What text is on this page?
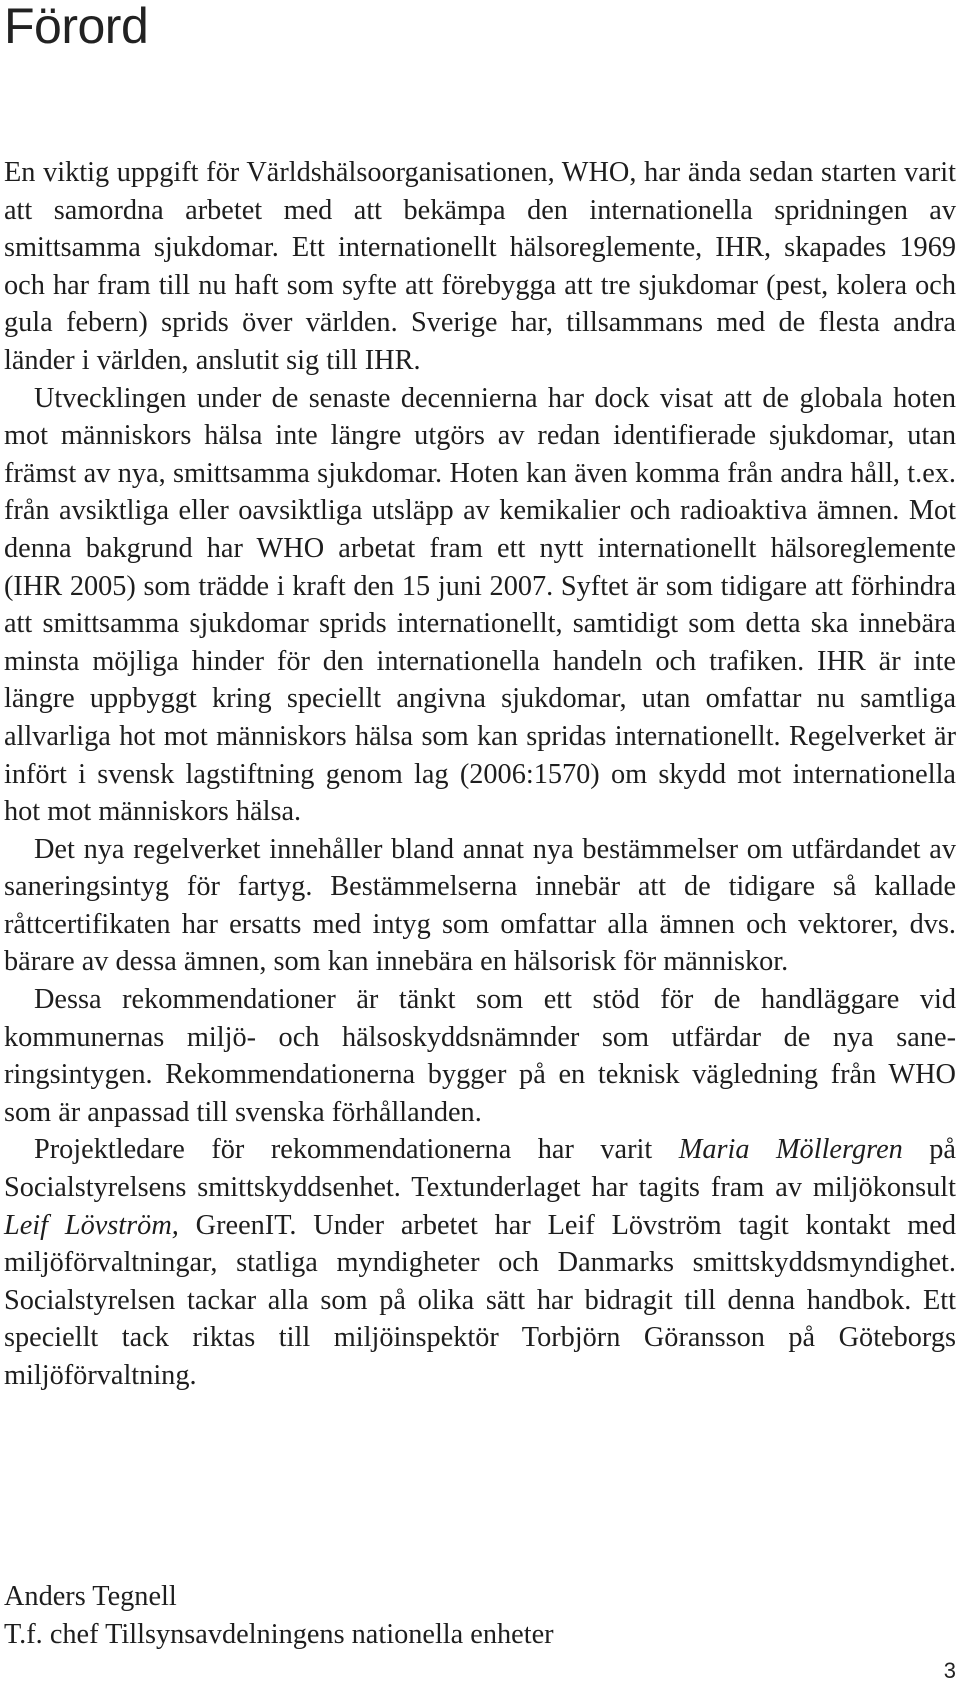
Förord

En viktig uppgift för Världshälsoorganisationen, WHO, har ända sedan starten varit att samordna arbetet med att bekämpa den internationella spridningen av smittsamma sjukdomar. Ett internationellt hälsoreglemente, IHR, skapades 1969 och har fram till nu haft som syfte att förebygga att tre sjukdomar (pest, kolera och gula febern) sprids över världen. Sverige har, tillsammans med de flesta andra länder i världen, anslutit sig till IHR.

Utvecklingen under de senaste decennierna har dock visat att de globala hoten mot människors hälsa inte längre utgörs av redan identifierade sjukdomar, utan främst av nya, smittsamma sjukdomar. Hoten kan även komma från andra håll, t.ex. från avsiktliga eller oavsiktliga utsläpp av kemikalier och radioaktiva ämnen. Mot denna bakgrund har WHO arbetat fram ett nytt internationellt hälsoreglemente (IHR 2005) som trädde i kraft den 15 juni 2007. Syftet är som tidigare att förhindra att smittsamma sjukdomar sprids internationellt, samtidigt som detta ska innebära minsta möjliga hinder för den internationella handeln och trafiken. IHR är inte längre uppbyggt kring speciellt angivna sjukdomar, utan omfattar nu samtliga allvarliga hot mot människors hälsa som kan spridas internationellt. Regelverket är infört i svensk lagstiftning genom lag (2006:1570) om skydd mot internationella hot mot människors hälsa.

Det nya regelverket innehåller bland annat nya bestämmelser om utfärdandet av saneringsintyg för fartyg. Bestämmelserna innebär att de tidigare så kallade råttcertifikaten har ersatts med intyg som omfattar alla ämnen och vektorer, dvs. bärare av dessa ämnen, som kan innebära en hälsorisk för människor.

Dessa rekommendationer är tänkt som ett stöd för de handläggare vid kommunernas miljö- och hälsoskyddsnämnder som utfärdar de nya saneringsintygen. Rekommendationerna bygger på en teknisk vägledning från WHO som är anpassad till svenska förhållanden.

Projektledare för rekommendationerna har varit Maria Möllergren på Socialstyrelsens smittskyddsenhet. Textunderlaget har tagits fram av miljökonsult Leif Lövström, GreenIT. Under arbetet har Leif Lövström tagit kontakt med miljöförvaltningar, statliga myndigheter och Danmarks smittskyddsmyndighet. Socialstyrelsen tackar alla som på olika sätt har bidragit till denna handbok. Ett speciellt tack riktas till miljöinspektör Torbjörn Göransson på Göteborgs miljöförvaltning.

Anders Tegnell
T.f. chef Tillsynsavdelningens nationella enheter
3
